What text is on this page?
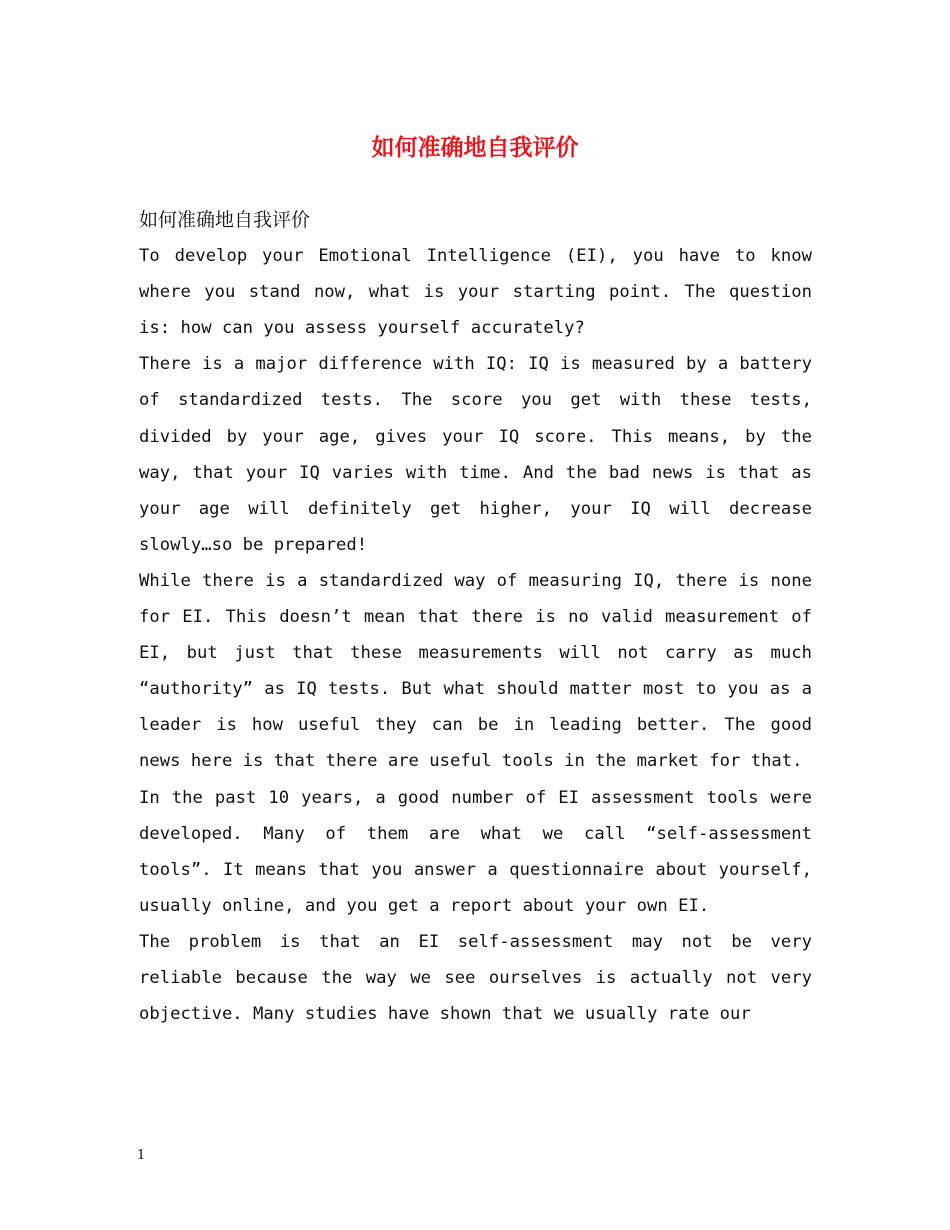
如何准确地自我评价
如何准确地自我评价

To develop your Emotional Intelligence (EI), you have to know where you stand now, what is your starting point. The question is: how can you assess yourself accurately?

There is a major difference with IQ: IQ is measured by a battery of standardized tests. The score you get with these tests, divided by your age, gives your IQ score. This means, by the way, that your IQ varies with time. And the bad news is that as your age will definitely get higher, your IQ will decrease slowly…so be prepared!

While there is a standardized way of measuring IQ, there is none for EI. This doesn’t mean that there is no valid measurement of EI, but just that these measurements will not carry as much “authority” as IQ tests. But what should matter most to you as a leader is how useful they can be in leading better. The good news here is that there are useful tools in the market for that.

In the past 10 years, a good number of EI assessment tools were developed. Many of them are what we call “self-assessment tools”. It means that you answer a questionnaire about yourself, usually online, and you get a report about your own EI.

The problem is that an EI self-assessment may not be very reliable because the way we see ourselves is actually not very objective. Many studies have shown that we usually rate our

1
